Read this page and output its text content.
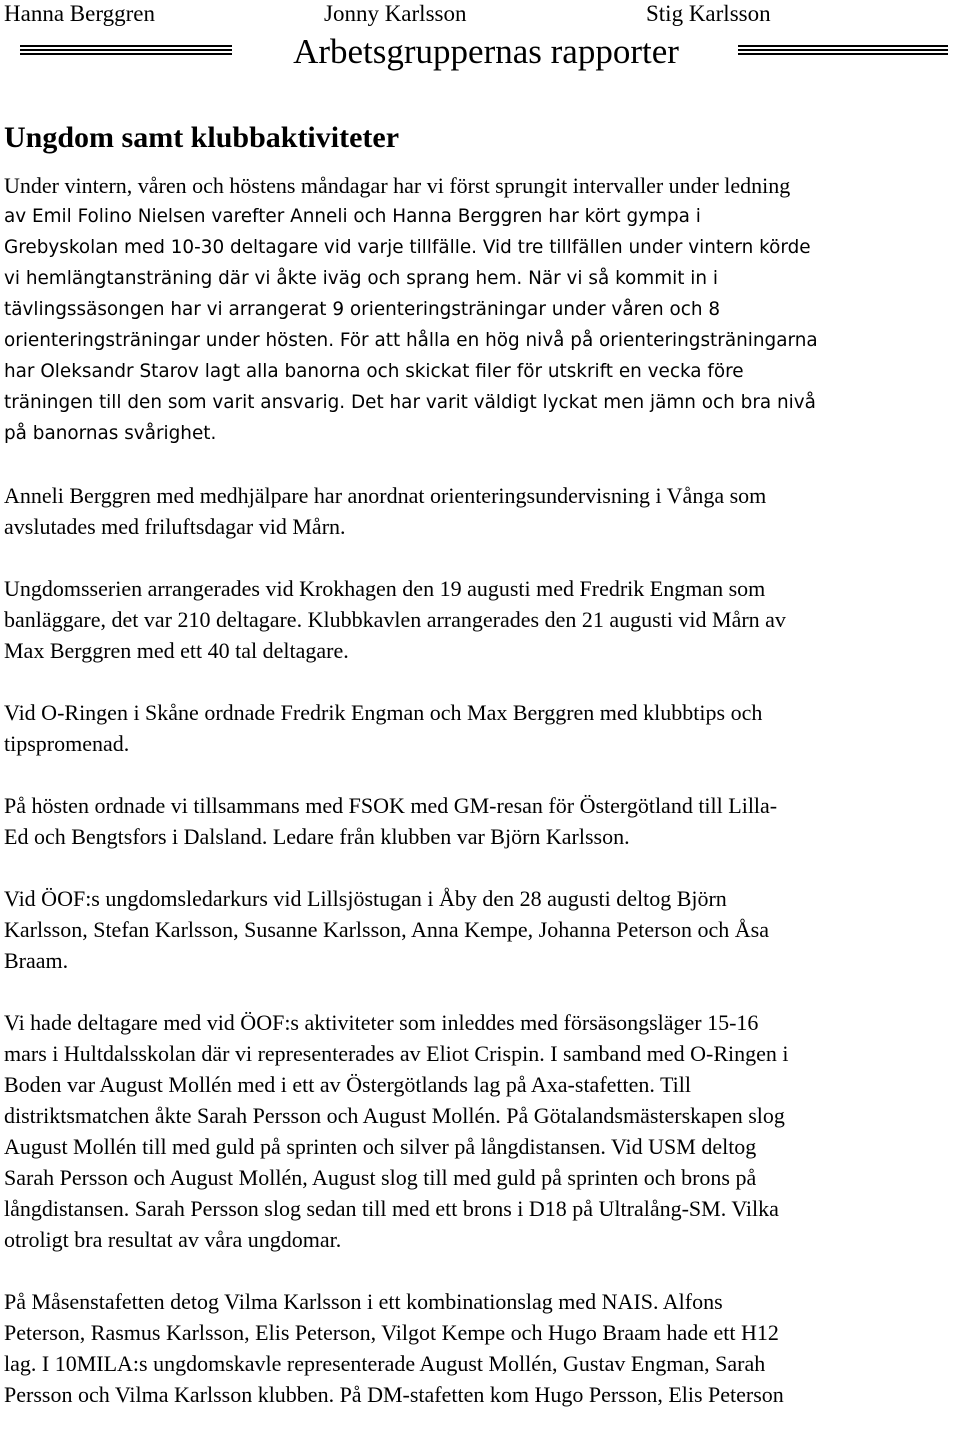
Hanna Berggren	Jonny Karlsson	Stig Karlsson
Arbetsgruppernas rapporter
Ungdom samt klubbaktiviteter

Under vintern, våren och höstens måndagar har vi först sprungit intervaller under ledning
av Emil Folino Nielsen varefter Anneli och Hanna Berggren har kört gympa i
Grebyskolan med 10-30 deltagare vid varje tillfälle. Vid tre tillfällen under vintern körde
vi hemlängtansträning där vi åkte iväg och sprang hem. När vi så kommit in i
tävlingssäsongen har vi arrangerat 9 orienteringsträningar under våren och 8
orienteringsträningar under hösten. För att hålla en hög nivå på orienteringsträningarna
har Oleksandr Starov lagt alla banorna och skickat filer för utskrift en vecka före
träningen till den som varit ansvarig. Det har varit väldigt lyckat men jämn och bra nivå
på banornas svårighet.

Anneli Berggren med medhjälpare har anordnat orienteringsundervisning i Vånga som
avslutades med friluftsdagar vid Mårn.

Ungdomsserien arrangerades vid Krokhagen den 19 augusti med Fredrik Engman som
banläggare, det var 210 deltagare. Klubbkavlen arrangerades den 21 augusti vid Mårn av
Max Berggren med ett 40 tal deltagare.

Vid O-Ringen i Skåne ordnade Fredrik Engman och Max Berggren med klubbtips och
tipspromenad.

På hösten ordnade vi tillsammans med FSOK med GM-resan för Östergötland till Lilla-
Ed och Bengtsfors i Dalsland. Ledare från klubben var Björn Karlsson.

Vid ÖOF:s ungdomsledarkurs vid Lillsjöstugan i Åby den 28 augusti deltog Björn
Karlsson, Stefan Karlsson, Susanne Karlsson, Anna Kempe, Johanna Peterson och Åsa
Braam.

Vi hade deltagare med vid ÖOF:s aktiviteter som inleddes med försäsongsläger 15-16
mars i Hultdalsskolan där vi representerades av Eliot Crispin. I samband med O-Ringen i
Boden var August Mollén med i ett av Östergötlands lag på Axa-stafetten. Till
distriktsmatchen åkte Sarah Persson och August Mollén. På Götalandsmästerskapen slog
August Mollén till med guld på sprinten och silver på långdistansen. Vid USM deltog
Sarah Persson och August Mollén, August slog till med guld på sprinten och brons på
långdistansen. Sarah Persson slog sedan till med ett brons i D18 på Ultralång-SM. Vilka
otroligt bra resultat av våra ungdomar.

På Måsenstafetten detog Vilma Karlsson i ett kombinationslag med NAIS. Alfons
Peterson, Rasmus Karlsson, Elis Peterson, Vilgot Kempe och Hugo Braam hade ett H12
lag. I 10MILA:s ungdomskavle representerade August Mollén, Gustav Engman, Sarah
Persson och Vilma Karlsson klubben. På DM-stafetten kom Hugo Persson, Elis Peterson
